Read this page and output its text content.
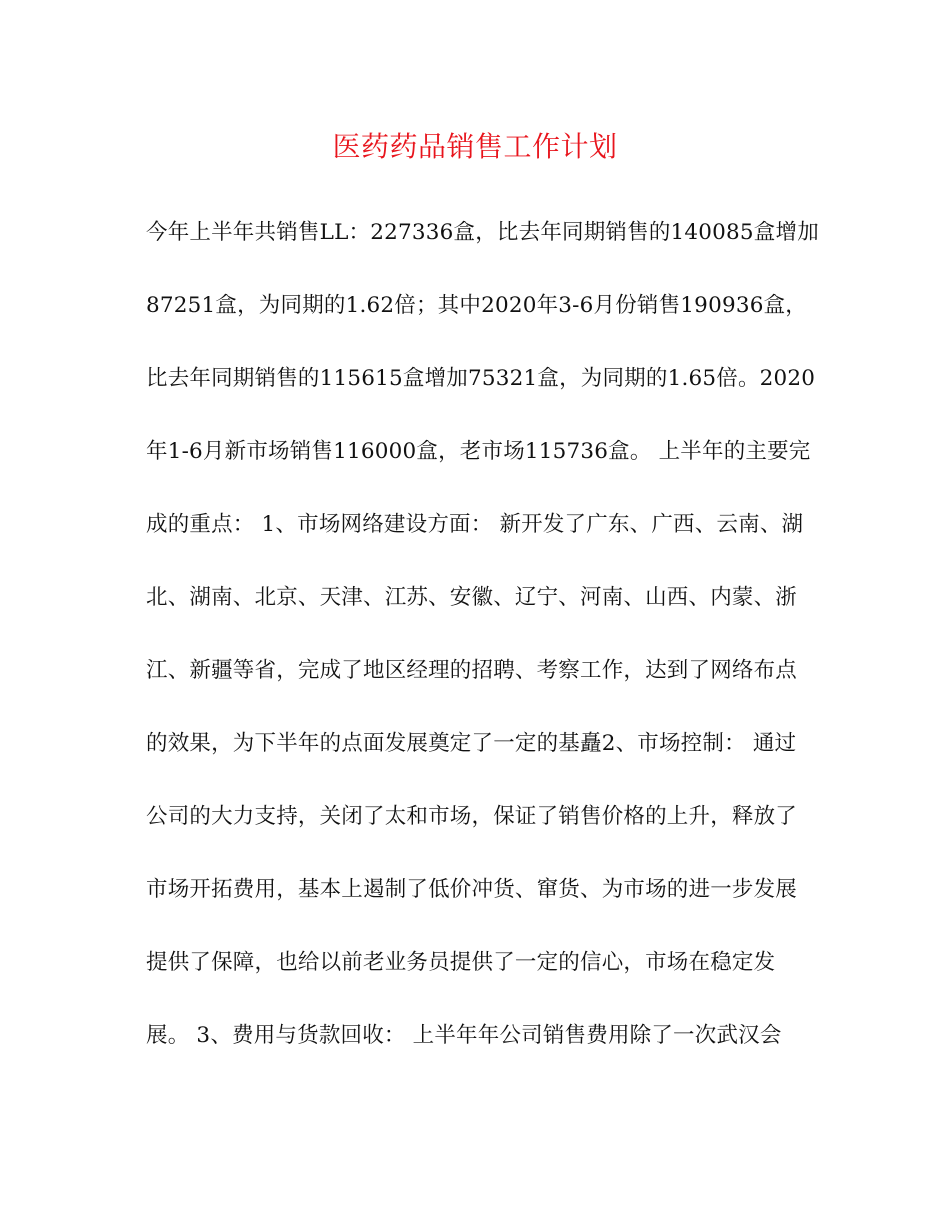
医药药品销售工作计划
今年上半年共销售LL：227336盒，比去年同期销售的140085盒增加
87251盒，为同期的1.62倍；其中2020年3-6月份销售190936盒，
比去年同期销售的115615盒增加75321盒，为同期的1.65倍。2020
年1-6月新市场销售116000盒，老市场115736盒。 上半年的主要完
成的重点： 1、市场网络建设方面： 新开发了广东、广西、云南、湖
北、湖南、北京、天津、江苏、安徽、辽宁、河南、山西、内蒙、浙
江、新疆等省，完成了地区经理的招聘、考察工作，达到了网络布点
的效果，为下半年的点面发展奠定了一定的基矗2、市场控制： 通过
公司的大力支持，关闭了太和市场，保证了销售价格的上升，释放了
市场开拓费用，基本上遏制了低价冲货、窜货、为市场的进一步发展
提供了保障，也给以前老业务员提供了一定的信心，市场在稳定发
展。 3、费用与货款回收： 上半年年公司销售费用除了一次武汉会
